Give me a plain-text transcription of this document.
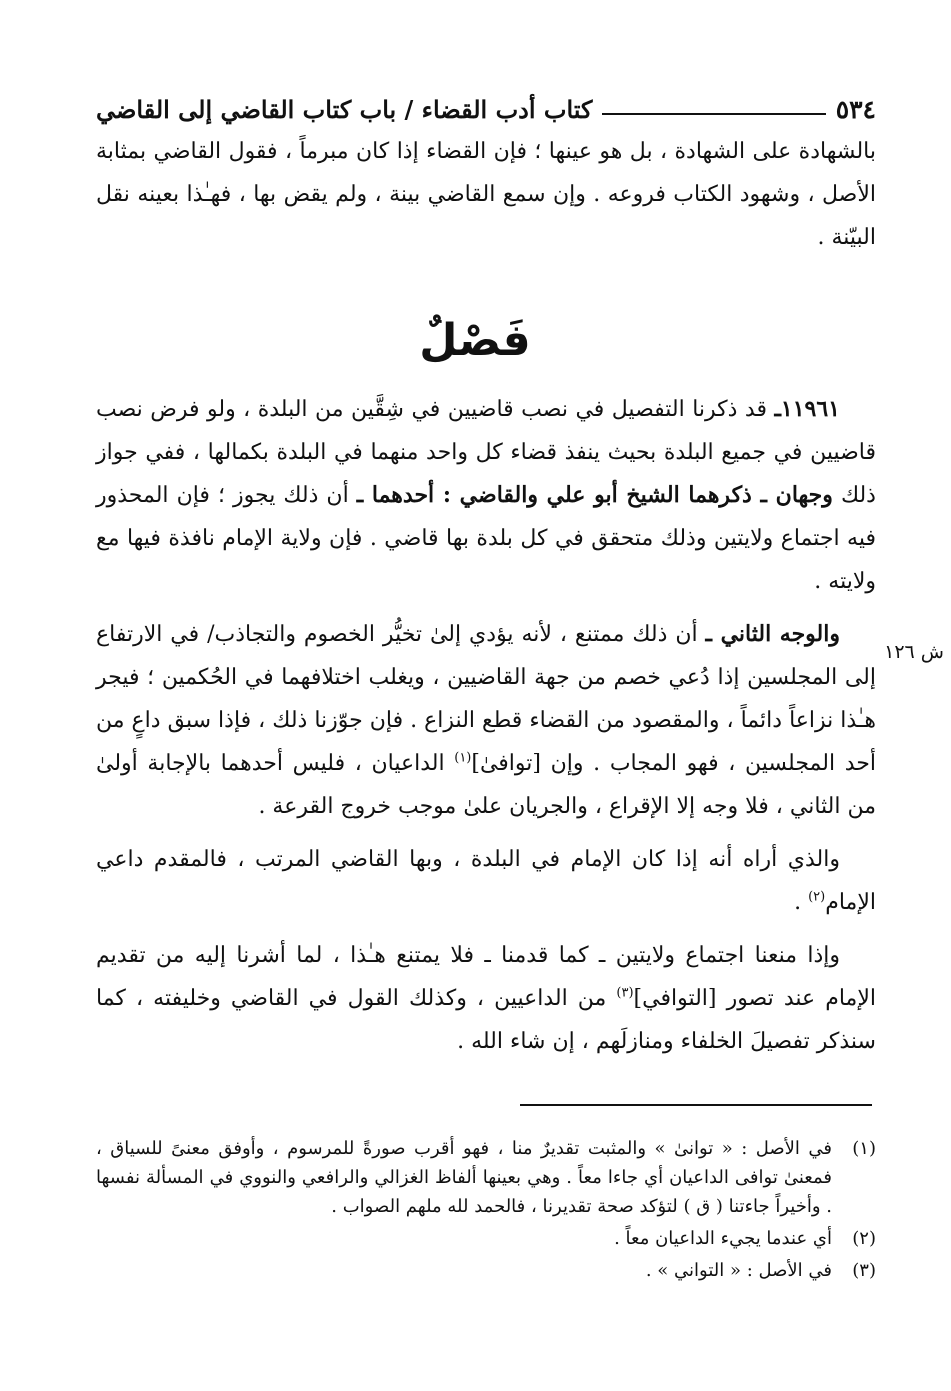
٥٣٤
كتاب أدب القضاء / باب كتاب القاضي إلى القاضي

بالشهادة على الشهادة ، بل هو عينها ؛ فإن القضاء إذا كان مبرماً ، فقول القاضي بمثابة الأصل ، وشهود الكتاب فروعه . وإن سمع القاضي بينة ، ولم يقض بها ، فهـٰذا بعينه نقل البيّنة .

فَصْلٌ

١١٩٦١ـ قد ذكرنا التفصيل في نصب قاضيين في شِقَّين من البلدة ، ولو فرض نصب قاضيين في جميع البلدة بحيث ينفذ قضاء كل واحد منهما في البلدة بكمالها ، ففي جواز ذلك وجهان ـ ذكرهما الشيخ أبو علي والقاضي : أحدهما ـ أن ذلك يجوز ؛ فإن المحذور فيه اجتماع ولايتين وذلك متحقق في كل بلدة بها قاضي . فإن ولاية الإمام نافذة فيها مع ولايته .

والوجه الثاني ـ أن ذلك ممتنع ، لأنه يؤدي إلىٰ تخيُّر الخصوم والتجاذب/ في الارتفاع إلى المجلسين إذا دُعي خصم من جهة القاضيين ، ويغلب اختلافهما في الحُكمين ؛ فيجر هـٰذا نزاعاً دائماً ، والمقصود من القضاء قطع النزاع . فإن جوّزنا ذلك ، فإذا سبق داعٍ من أحد المجلسين ، فهو المجاب . وإن [توافىٰ]$^{(١)}$ الداعيان ، فليس أحدهما بالإجابة أولىٰ من الثاني ، فلا وجه إلا الإقراع ، والجريان علىٰ موجب خروج القرعة .

والذي أراه أنه إذا كان الإمام في البلدة ، وبها القاضي المرتب ، فالمقدم داعي الإمام$^{(٢)}$ .

وإذا منعنا اجتماع ولايتين ـ كما قدمنا ـ فلا يمتنع هـٰذا ، لما أشرنا إليه من تقديم الإمام عند تصور [التوافي]$^{(٣)}$ من الداعيين ، وكذلك القول في القاضي وخليفته ، كما سنذكر تفصيلَ الخلفاء ومنازلَهم ، إن شاء الله .

ش ١٢٦
(١)
في الأصل : « توانىٰ » والمثبت تقديرٌ منا ، فهو أقرب صورةً للمرسوم ، وأوفق معنىً للسياق ، فمعنىٰ توافى الداعيان أي جاءا معاً . وهي بعينها ألفاظ الغزالي والرافعي والنووي في المسألة نفسها . وأخيراً جاءتنا ( ق ) لتؤكد صحة تقديرنا ، فالحمد لله ملهم الصواب .
(٢)
أي عندما يجيء الداعيان معاً .
(٣)
في الأصل : « التواني » .
